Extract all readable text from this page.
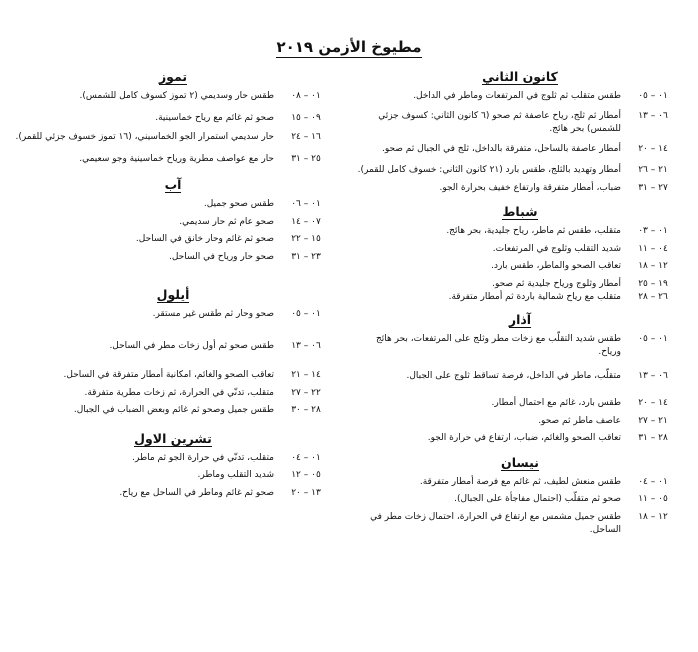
مطيوخ الأزمن ٢٠١٩
كانون الثاني
٠١ – ٠٥
طقس متقلب ثم ثلوج في المرتفعات وماطر في الداخل.
٠٦ – ١٣
أمطار ثم ثلج، رياح عاصفة ثم صحو (٦ كانون الثاني: كسوف جزئي للشمس) بحر هائج.
١٤ – ٢٠
أمطار عاصفة بالساحل، متفرقة بالداخل، ثلج في الجبال ثم صحو.
٢١ – ٢٦
أمطار وتهديد بالثلج، طقس بارد (٢١ كانون الثاني: خسوف كامل للقمر).
٢٧ – ٣١
ضباب، أمطار متفرقة وارتفاع خفيف بحرارة الجو.
شباط
٠١ – ٠٣
متقلب، طقس ثم ماطر، رياح جليدية، بحر هائج.
٠٤ – ١١
شديد التقلب وثلوج في المرتفعات.
١٢ – ١٨
تعاقب الصحو والماطر، طقس بارد.
١٩ – ٢٥
أمطار وثلوج ورياح جليدية ثم صحو.
٢٦ – ٢٨
متقلب مع رياح شمالية باردة ثم أمطار متفرقة.
آذار
٠١ – ٠٥
طقس شديد التقلّب مع زخات مطر وثلج على المرتفعات، بحر هائج ورياح.
٠٦ – ١٣
متقلّب، ماطر في الداخل، فرصة تساقط ثلوج على الجبال.
١٤ – ٢٠
طقس بارد، غائم مع احتمال أمطار.
٢١ – ٢٧
عاصف ماطر ثم صحو.
٢٨ – ٣١
تعاقب الصحو والغائم، ضباب، ارتفاع في حرارة الجو.
نيسان
٠١ – ٠٤
طقس منعش لطيف، ثم غائم مع فرصة أمطار متفرقة.
٠٥ – ١١
صحو ثم متقلّب (احتمال مفاجأة على الجبال).
١٢ – ١٨
طقس جميل مشمس مع ارتفاع في الحرارة، احتمال زخات مطر في الساحل.
تموز
٠١ – ٠٨
طقس حار وسديمي (٢ تموز كسوف كامل للشمس).
٠٩ – ١٥
صحو ثم غائم مع رياح خماسينية.
١٦ – ٢٤
حار سديمي استمرار الجو الخماسيني، (١٦ تموز خسوف جزئي للقمر).
٢٥ – ٣١
حار مع عواصف مطرية ورياح خماسينية وجو سعيمي.
آب
٠١ – ٠٦
طقس صحو جميل.
٠٧ – ١٤
صحو عام ثم حار سديمي.
١٥ – ٢٢
صحو ثم غائم وحار خانق في الساحل.
٢٣ – ٣١
صحو حار ورياح في الساحل.
أيلول
٠١ – ٠٥
صحو وحار ثم طقس غير مستقر.
٠٦ – ١٣
طقس صحو ثم أول زخات مطر في الساحل.
١٤ – ٢١
تعاقب الصحو والغائم، امكانية أمطار متفرقة في الساحل.
٢٢ – ٢٧
متقلب، تدنّي في الحرارة، ثم زخات مطرية متفرقة.
٢٨ – ٣٠
طقس جميل وصحو ثم غائم وبعض الضباب في الجبال.
تشرين الاول
٠١ – ٠٤
متقلب، تدنّي في حرارة الجو ثم ماطر.
٠٥ – ١٢
شديد التقلب وماطر.
١٣ – ٢٠
صحو ثم غائم وماطر في الساحل مع رياح.
